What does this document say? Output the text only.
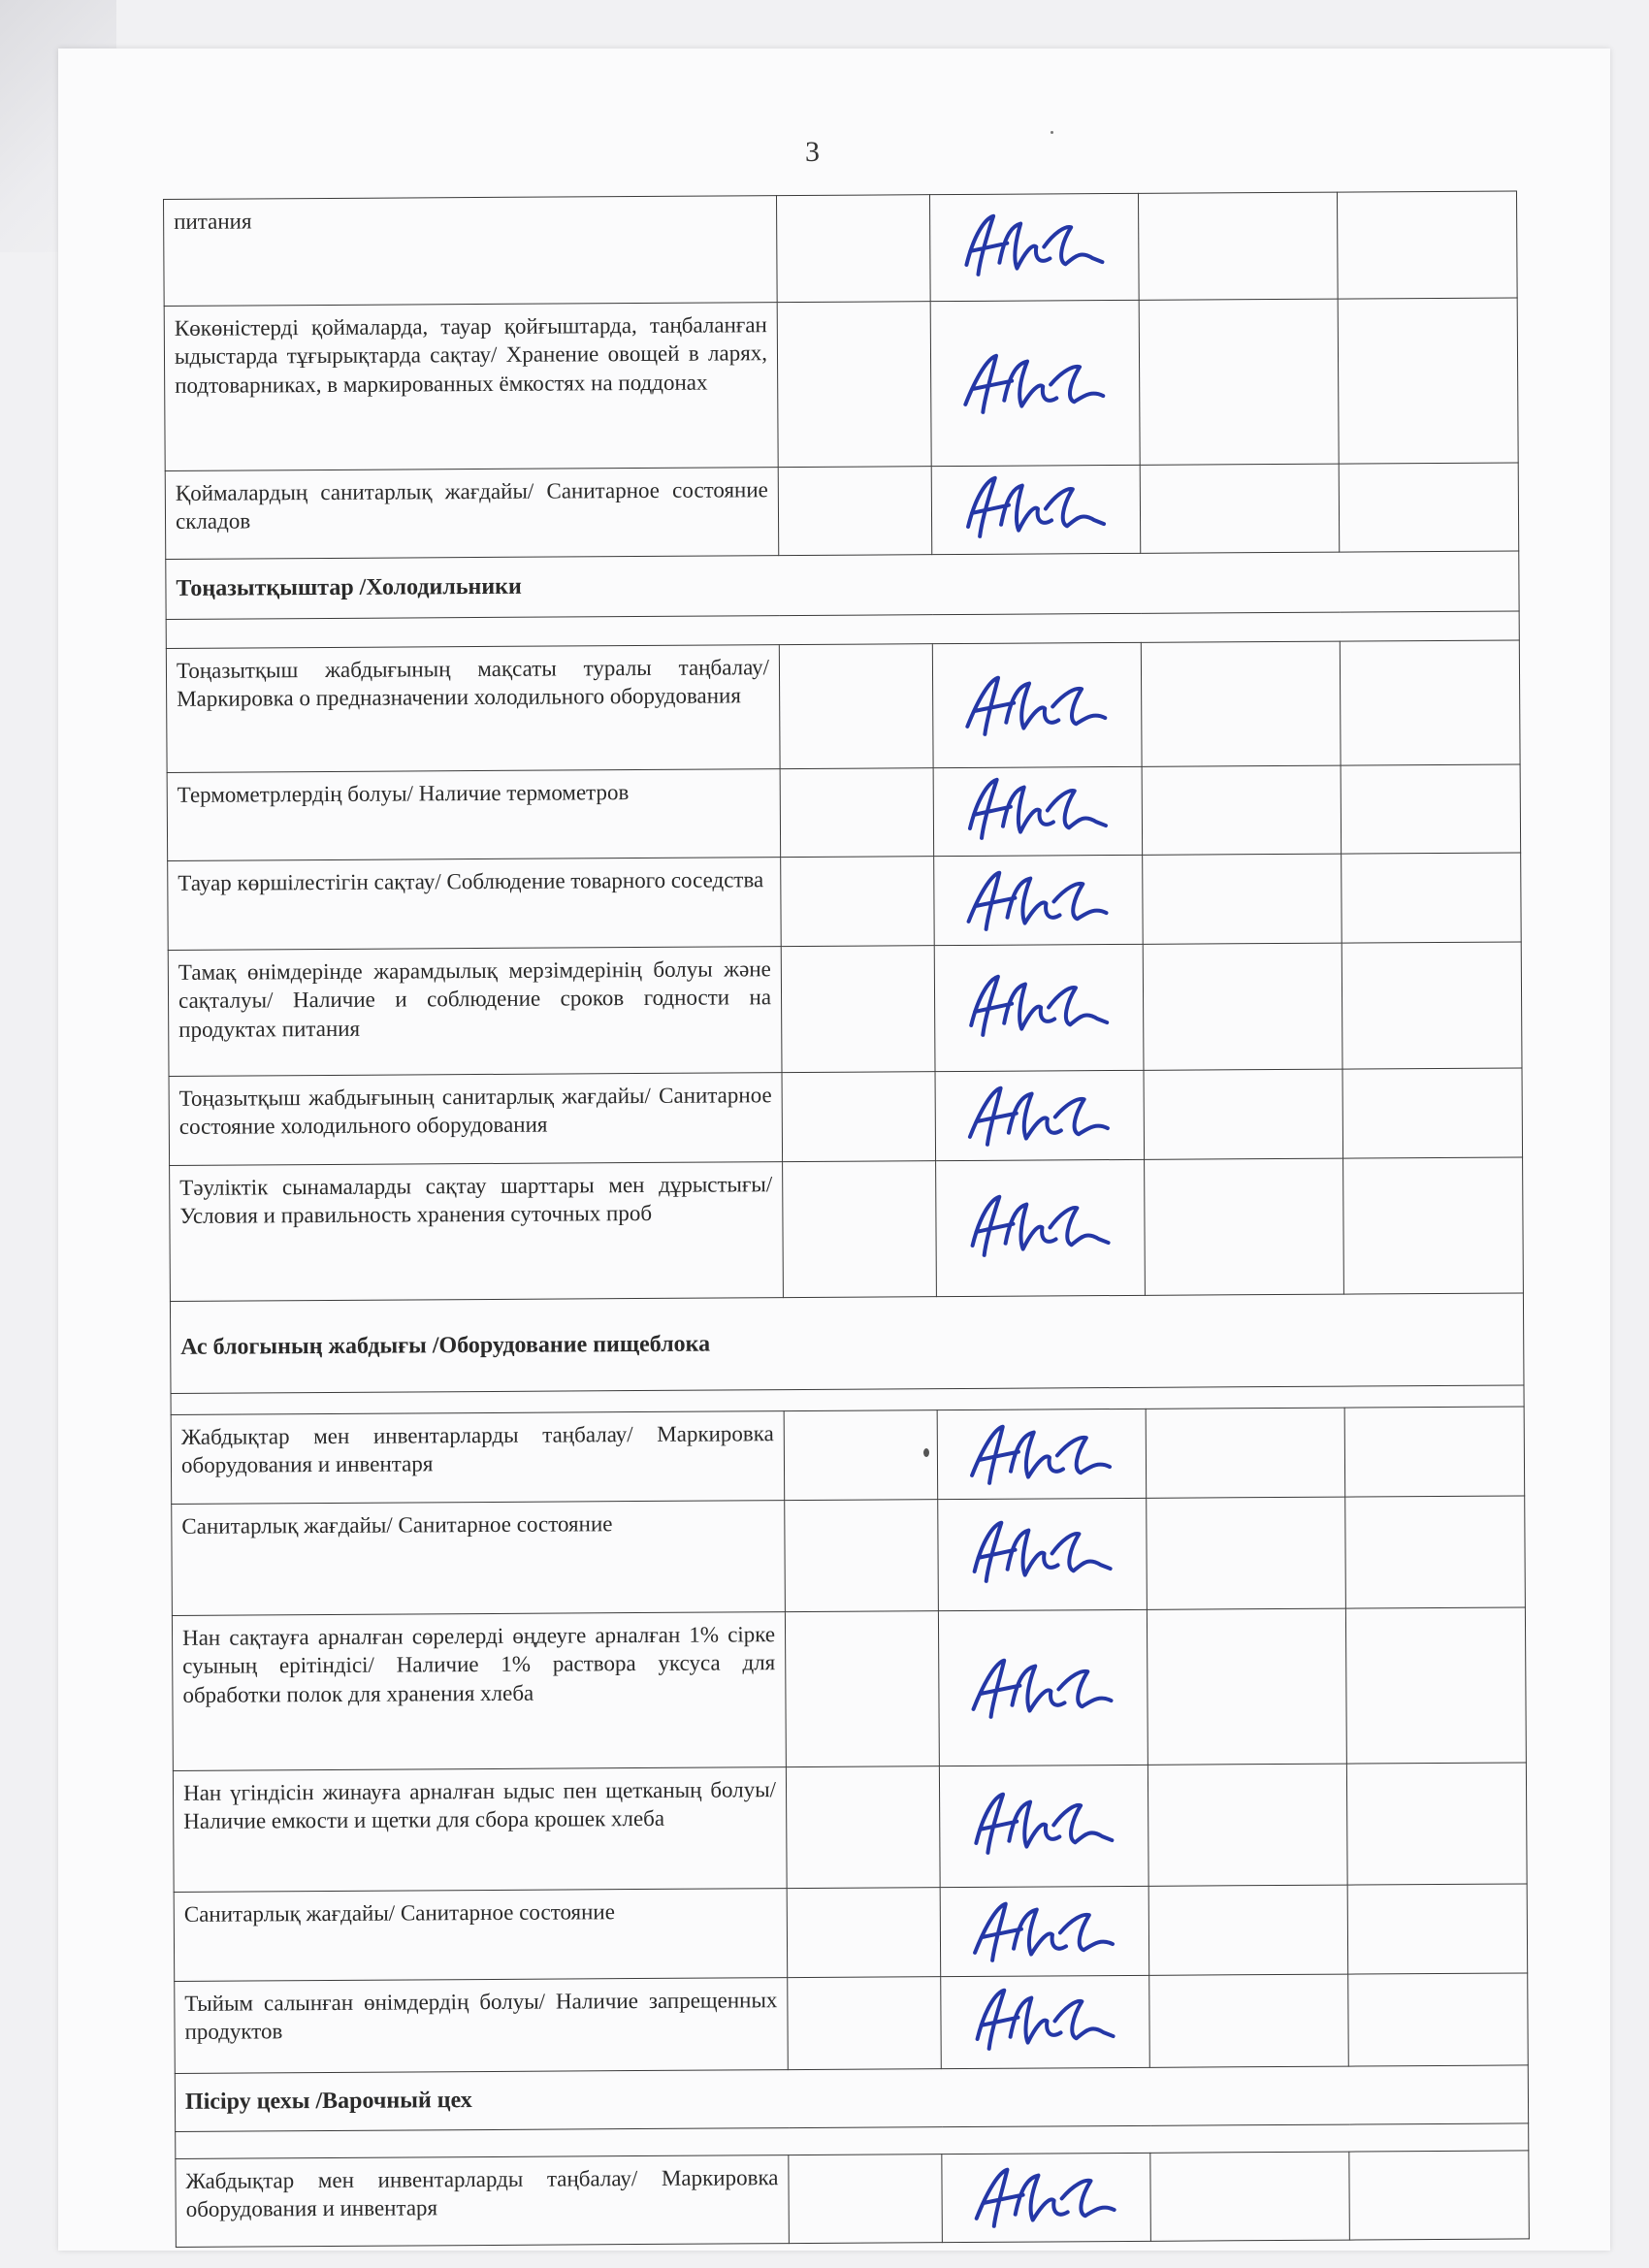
3
питания		

Көкөністерді қоймаларда, тауар қойғыштарда, таңбаланған ыдыстарда тұғырықтарда сақтау/ Хранение овощей в ларях, подтоварниках, в маркированных ёмкостях на поддонах		

Қоймалардың санитарлық жағдайы/ Санитарное состояние складов		

Тоңазытқыштар /Холодильники				

Тоңазытқыш жабдығының мақсаты туралы таңбалау/Маркировка о предназначении холодильного оборудования		

Термометрлердің болуы/ Наличие термометров		

Тауар көршілестігін сақтау/ Соблюдение товарного соседства		

Тамақ өнімдерінде жарамдылық мерзімдерінің болуы және сақталуы/ Наличие и соблюдение сроков годности на продуктах питания		

Тоңазытқыш жабдығының санитарлық жағдайы/ Санитарное состояние холодильного оборудования		

Тәуліктік сынамаларды сақтау шарттары мен дұрыстығы/ Условия и правильность хранения суточных проб		

Ас блогының жабдығы /Оборудование пищеблока				

Жабдықтар мен инвентарларды таңбалау/ Маркировка оборудования и инвентаря		

Санитарлық жағдайы/ Санитарное состояние		

Нан сақтауға арналған сөрелерді өңдеуге арналған 1% сірке суының ерітіндісі/ Наличие 1% раствора уксуса для обработки полок для хранения хлеба		

Нан үгіндісін жинауға арналған ыдыс пен щетканың болуы/Наличие емкости и щетки для сбора крошек хлеба		

Санитарлық жағдайы/ Санитарное состояние		

Тыйым салынған өнімдердің болуы/ Наличие запрещенных продуктов		

Пісіру цехы /Варочный цех				

Жабдықтар мен инвентарларды таңбалау/ Маркировка оборудования и инвентаря		
